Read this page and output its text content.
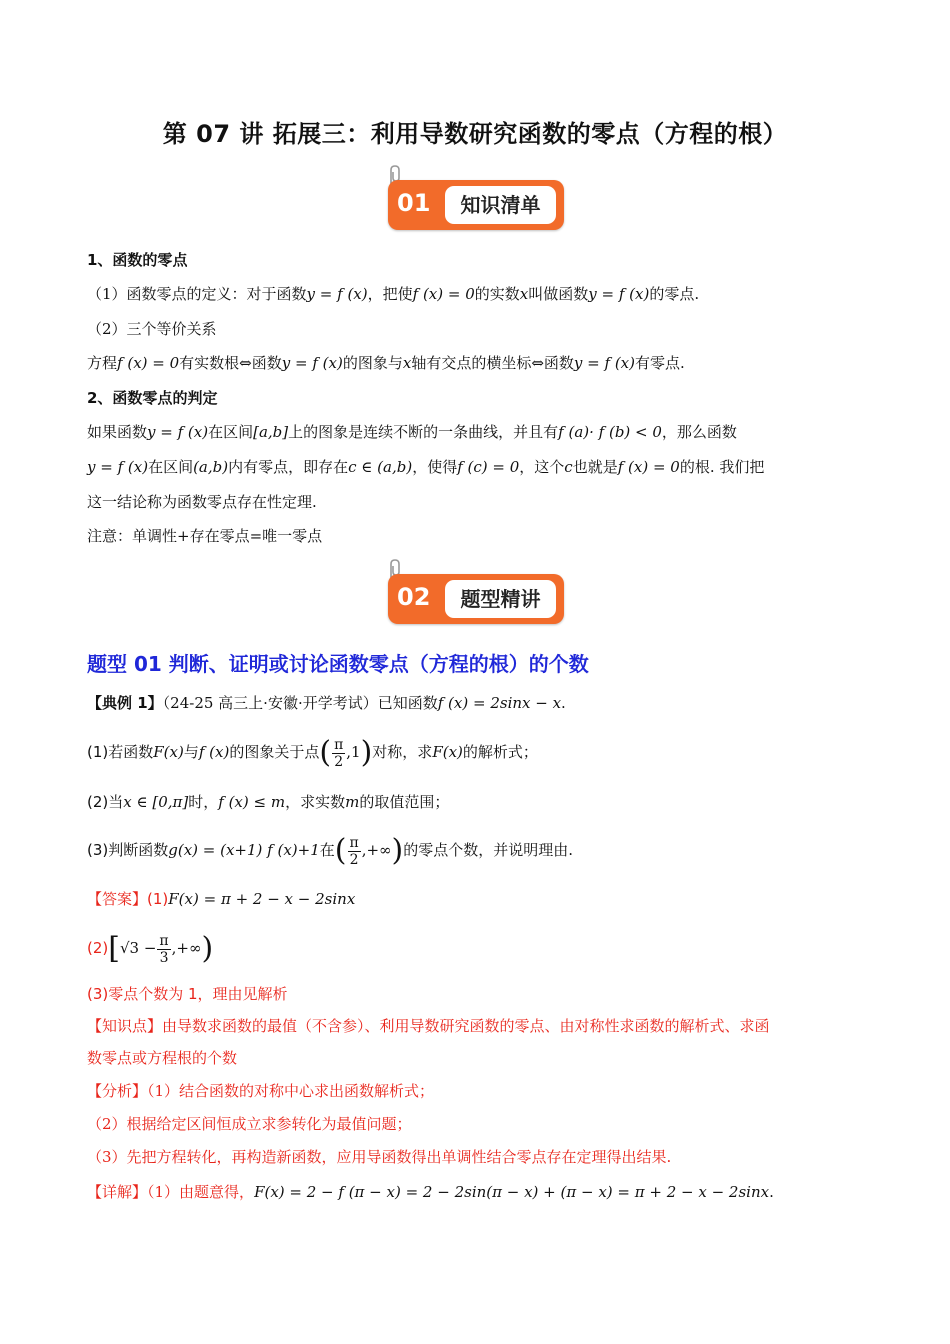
第 07 讲 拓展三：利用导数研究函数的零点（方程的根）
01	知识清单
1、函数的零点
（1）函数零点的定义：对于函数y = f (x)，把使f (x) = 0的实数x叫做函数y = f (x)的零点.
（2）三个等价关系
方程f (x) = 0有实数根⇔函数y = f (x)的图象与x轴有交点的横坐标⇔函数y = f (x)有零点.
2、函数零点的判定
如果函数y = f (x)在区间[a,b]上的图象是连续不断的一条曲线，并且有f (a)· f (b) < 0，那么函数
y = f (x)在区间(a,b)内有零点，即存在c ∈ (a,b)，使得f (c) = 0，这个c也就是f (x) = 0的根. 我们把
这一结论称为函数零点存在性定理.
注意：单调性+存在零点=唯一零点
02	题型精讲
题型 01 判断、证明或讨论函数零点（方程的根）的个数
【典例 1】（24-25 高三上·安徽·开学考试）已知函数f (x) = 2sinx − x.
(1)若函数F(x)与f (x)的图象关于点( $\frac{\pi}{2} ,1$)对称，求F(x)的解析式；
(2)当x ∈ [0,π]时，f (x) ≤ m，求实数m的取值范围；
(3)判断函数g(x) = (x+1) f (x)+1在( $\frac{\pi}{2}$ ,+∞)的零点个数，并说明理由.
【答案】(1)F(x) = π + 2 − x − 2sinx
$(2)[√3 - \frac{\pi}{3}$ ,+∞)
(3)零点个数为 1，理由见解析
【知识点】由导数求函数的最值（不含参）、利用导数研究函数的零点、由对称性求函数的解析式、求函
数零点或方程根的个数
【分析】（1）结合函数的对称中心求出函数解析式；
（2）根据给定区间恒成立求参转化为最值问题；
（3）先把方程转化，再构造新函数，应用导函数得出单调性结合零点存在定理得出结果.
【详解】（1）由题意得，F(x) = 2 − f (π − x) = 2 − 2sin(π − x) + (π − x) = π + 2 − x − 2sinx.
